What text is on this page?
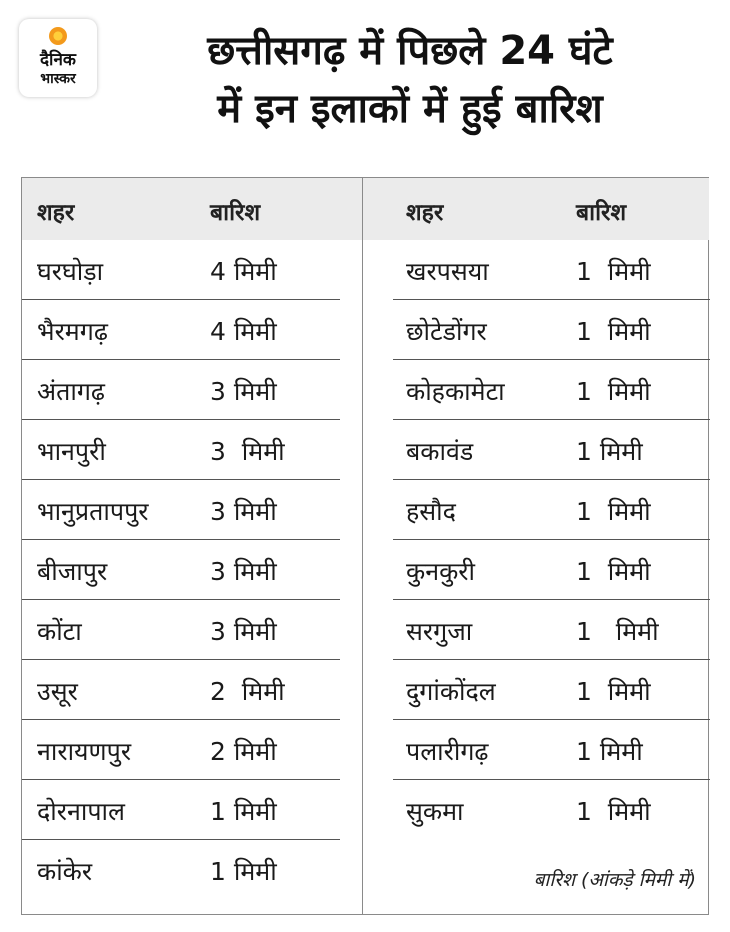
दैनिक
भास्कर
छत्तीसगढ़ में पिछले 24 घंटे
में इन इलाकों में हुई बारिश
शहर	बारिश
घरघोड़ा	4 मिमी
भैरमगढ़	4 मिमी
अंतागढ़	3 मिमी
भानपुरी	3  मिमी
भानुप्रतापपुर 3 मिमी
बीजापुर	3 मिमी
कोंटा	3 मिमी
उसूर	2  मिमी
नारायणपुर	2 मिमी
दोरनापाल	1 मिमी
कांकेर	1 मिमी
शहर	बारिश
खरपसया	1  मिमी
छोटेडोंगर	1  मिमी
कोहकामेटा	1  मिमी
बकावंड	1 मिमी
हसौद	1  मिमी
कुनकुरी	1  मिमी
सरगुजा	1   मिमी
दुगांकोंदल	1  मिमी
पलारीगढ़	1 मिमी
सुकमा	1  मिमी
बारिश (आंकड़े मिमी में)
